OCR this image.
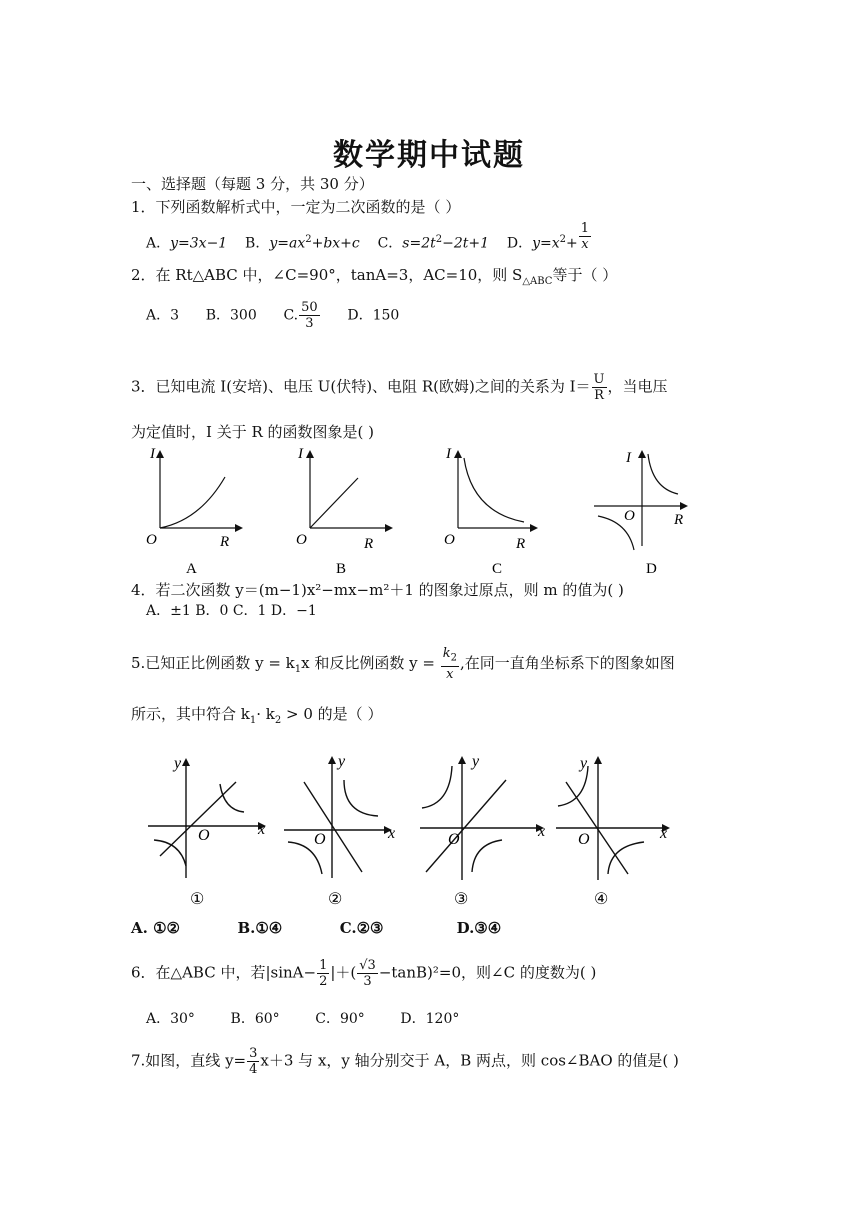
数学期中试题
一、选择题（每题 3 分，共 30 分）
1．下列函数解析式中，一定为二次函数的是（ ）
A．y=3x−1 B．$y=ax^2+bx+c$ C．$s=2t^2-2t+1$ D．$y=x^2+ \frac{1}{x}$
2．在 Rt△ABC 中，∠C=90°，tanA=3，AC=10，则 $S_{\triangle ABC}$等于（ ）
A．3 B．300 C. $\frac{50}{3}$ D．150
3．已知电流 I(安培)、电压 U(伏特)、电阻 R(欧姆)之间的关系为 $I= \frac{U}{R}$ ，当电压
为定值时，I 关于 R 的函数图象是( )
I
R
O
A
I
R
O
B
I
R
O
C
I
R
O
D
4．若二次函数 y＝(m−1)x²−mx−m²＋1 的图象过原点，则 m 的值为( )
A．±1 B．0 C．1 D．−1
5.已知正比例函数 $y = k_1x$ 和反比例函数 $y = \frac{k_2}{x}$ ,在同一直角坐标系下的图象如图
所示，其中符合 $k_1\cdot k_2 > 0$ 的是（ ）
y
x
O
①
y
x
O
②
y
x
O
③
y
x
O
④
A. ①②	B.①④	C.②③	D.③④
6．在△ABC 中，若$|\sin A- \frac{1}{2}$ |＋( $\frac{√3}{3} -\tan B)^2=0$，则∠C 的度数为( )
A．30°	B．60°	C．90°	D．120°
7.如图，直线 $y= \frac{3}{4} x+3$ 与 x，y 轴分别交于 A，B 两点，则 cos∠BAO 的值是( )
